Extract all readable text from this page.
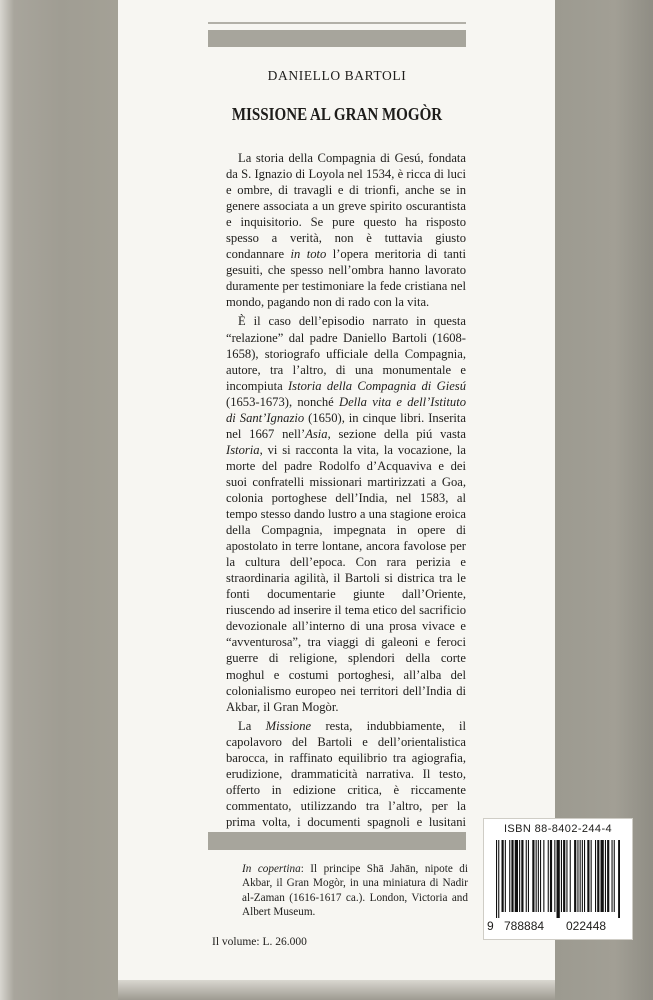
DANIELLO BARTOLI
MISSIONE AL GRAN MOGÒR

La storia della Compagnia di Gesú, fondata da S. Ignazio di Loyola nel 1534, è ricca di luci e ombre, di travagli e di trionfi, anche se in genere associata a un greve spirito oscurantista e inquisitorio. Se pure questo ha risposto spesso a verità, non è tuttavia giusto condannare in toto l’opera meritoria di tanti gesuiti, che spesso nell’ombra hanno lavorato duramente per testimoniare la fede cristiana nel mondo, pagando non di rado con la vita.

È il caso dell’episodio narrato in questa “relazione” dal padre Daniello Bartoli (1608-1658), storiografo ufficiale della Compagnia, autore, tra l’altro, di una monumentale e incompiuta Istoria della Compagnia di Giesú (1653-1673), nonché Della vita e dell’Istituto di Sant’Ignazio (1650), in cinque libri. Inserita nel 1667 nell’Asia, sezione della piú vasta Istoria, vi si racconta la vita, la vocazione, la morte del padre Rodolfo d’Acquaviva e dei suoi confratelli missionari martirizzati a Goa, colonia portoghese dell’India, nel 1583, al tempo stesso dando lustro a una stagione eroica della Compagnia, impegnata in opere di apostolato in terre lontane, ancora favolose per la cultura dell’epoca. Con rara perizia e straordinaria agilità, il Bartoli si districa tra le fonti documentarie giunte dall’Oriente, riuscendo ad inserire il tema etico del sacrificio devozionale all’interno di una prosa vivace e “avventurosa”, tra viaggi di galeoni e feroci guerre di religione, splendori della corte moghul e costumi portoghesi, all’alba del colonialismo europeo nei territori dell’India di Akbar, il Gran Mogòr.

La Missione resta, indubbiamente, il capolavoro del Bartoli e dell’orientalistica barocca, in raffinato equilibrio tra agiografia, erudizione, drammaticità narrativa. Il testo, offerto in edizione critica, è riccamente commentato, utilizzando tra l’altro, per la prima volta, i documenti spagnoli e lusitani

In copertina: Il principe Shā Jahān, nipote di Akbar, il Gran Mogòr, in una miniatura di Nadir al-Zaman (1616-1617 ca.). London, Victoria and Albert Museum.
Il volume: L. 26.000
ISBN 88-8402-244-4
9 788884 022448
